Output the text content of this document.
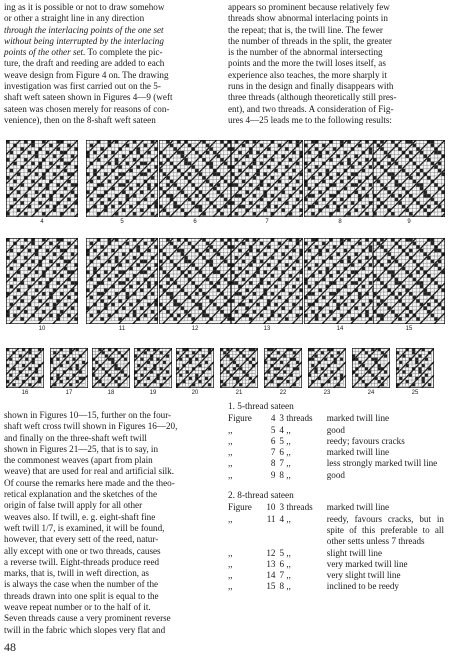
ing as it is possible or not to draw somehow

or other a straight line in any direction

through the interlacing points of the one set

without being interrupted by the interlacing

points of the other set. To complete the pic-

ture, the draft and reeding are added to each

weave design from Figure 4 on. The drawing

investigation was first carried out on the 5-

shaft weft sateen shown in Figures 4—9 (weft

sateen was chosen merely for reasons of con-

venience), then on the 8-shaft weft sateen

appears so prominent because relatively few

threads show abnormal interlacing points in

the repeat; that is, the twill line. The fewer

the number of threads in the split, the greater

is the number of the abnormal intersecting

points and the more the twill loses itself, as

experience also teaches, the more sharply it

runs in the design and finally disappears with

three threads (although theoretically still pres-

ent), and two threads. A consideration of Fig-

ures 4—25 leads me to the following results:

4	5	6	7	8	9
10	11	12	13	14	15
16	17	18	19	20	21	22	23	24	25

shown in Figures 10—15, further on the four-

shaft weft cross twill shown in Figures 16—20,

and finally on the three-shaft weft twill

shown in Figures 21—25, that is to say, in

the commonest weaves (apart from plain

weave) that are used for real and artificial silk.

Of course the remarks here made and the theo-

retical explanation and the sketches of the

origin of false twill apply for all other

weaves also. If twill, e. g. eight-shaft fine

weft twill 1/7, is examined, it will be found,

however, that every sett of the reed, natur-

ally except with one or two threads, causes

a reverse twill. Eight-threads produce reed

marks, that is, twill in weft direction, as

is always the case when the number of the

threads drawn into one split is equal to the

weave repeat number or to the half of it.

Seven threads cause a very prominent reverse

twill in the fabric which slopes very flat and

1. 5-thread sateen

Figure	4	3 threads	marked twill line
,,	5	4 ,,	good
,,	6	5 ,,	reedy; favours cracks
,,	7	6 ,,	marked twill line
,,	8	7 ,,	less strongly marked twill line
,,	9	8 ,,	good

2. 8-thread sateen

Figure	10	3 threads	marked twill line
,,	11	4 ,,	reedy, favours cracks, but in spite of this preferable to all other setts unless 7 threads
,,	12	5 ,,	slight twill line
,,	13	6 ,,	very marked twill line
,,	14	7 ,,	very slight twill line
,,	15	8 ,,	inclined to be reedy
48
